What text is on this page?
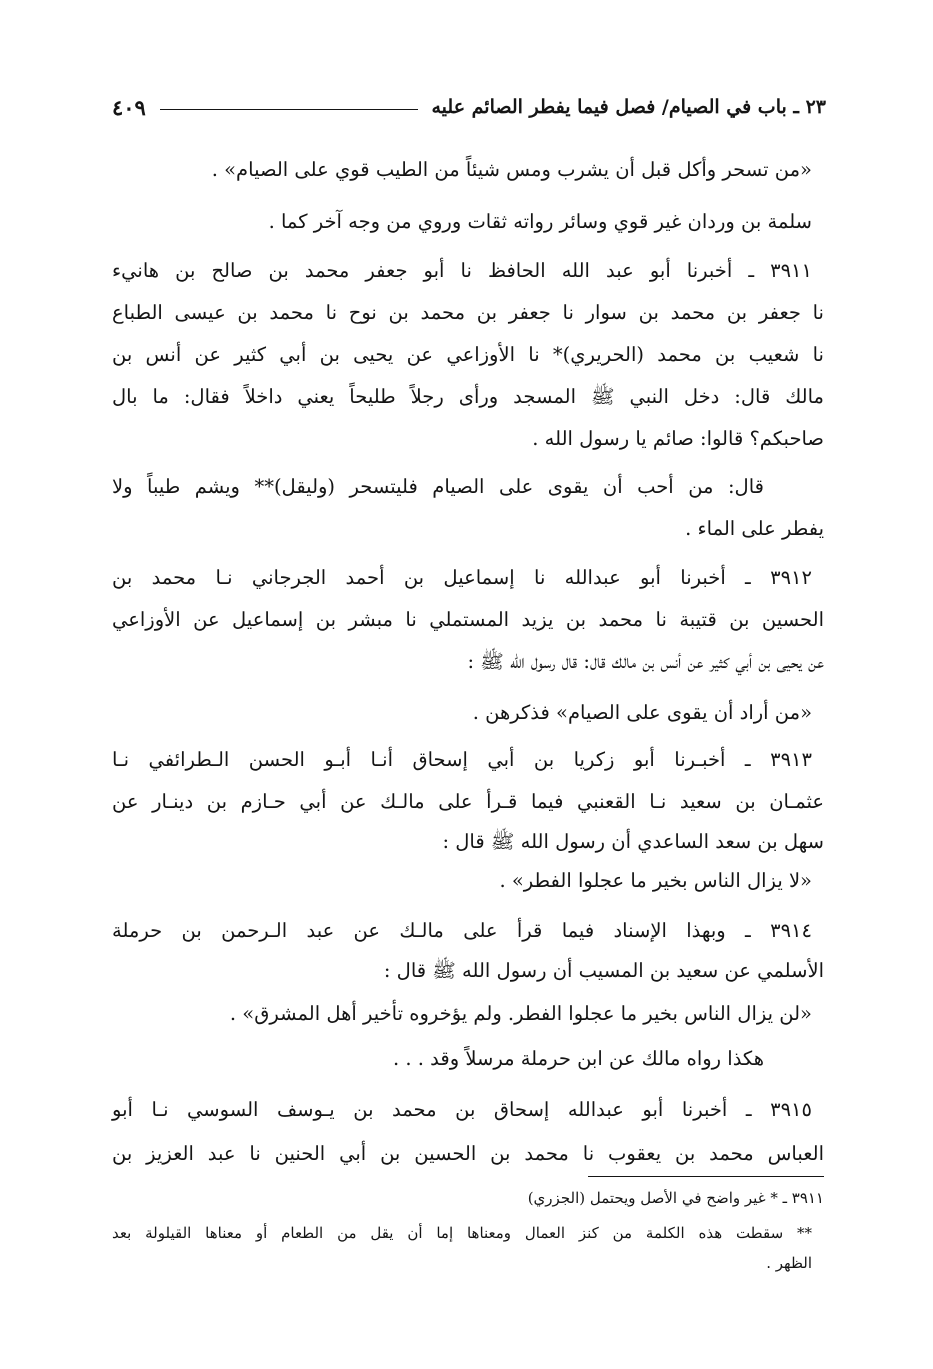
٢٣ ـ باب في الصيام/ فصل فيما يفطر الصائم عليه
٤٠٩
«من تسحر وأكل قبل أن يشرب ومس شيئاً من الطيب قوي على الصيام» .
سلمة بن وردان غير قوي وسائر رواته ثقات وروي من وجه آخر كما .
٣٩١١ ـ أخبرنا أبو عبد الله الحافظ نا أبو جعفر محمد بن صالح بن هانيء
نا جعفر بن محمد بن سوار نا جعفر بن محمد بن نوح نا محمد بن عيسى الطباع
نا شعيب بن محمد (الحريري)* نا الأوزاعي عن يحيى بن أبي كثير عن أنس بن
مالك قال: دخل النبي ﷺ المسجد ورأى رجلاً طليحاً يعني داخلاً فقال: ما بال
صاحبكم؟ قالوا: صائم يا رسول الله .
قال: من أحب أن يقوى على الصيام فليتسحر (وليقل)** ويشم طيباً ولا
يفطر على الماء .
٣٩١٢ ـ أخبرنا أبو عبدالله نا إسماعيل بن أحمد الجرجاني نـا محمد بن
الحسين بن قتيبة نا محمد بن يزيد المستملي نا مبشر بن إسماعيل عن الأوزاعي
عن يحيى بن أبي كثير عن أنس بن مالك قال: قال رسول الله ﷺ :
«من أراد أن يقوى على الصيام» فذكرهن .
٣٩١٣ ـ أخبـرنا أبو زكريا بن أبي إسحاق أنـا أبـو الحسن الـطرائفي نـا
عثمـان بن سعيد نـا القعنبي فيما قـرأ على مالـك عن أبي حـازم بن دينـار عن
سهل بن سعد الساعدي أن رسول الله ﷺ قال :
«لا يزال الناس بخير ما عجلوا الفطر» .
٣٩١٤ ـ وبهذا الإسناد فيما قرأ على مالـك عن عبد الـرحمن بن حرملة
الأسلمي عن سعيد بن المسيب أن رسول الله ﷺ قال :
«لن يزال الناس بخير ما عجلوا الفطر. ولم يؤخروه تأخير أهل المشرق» .
هكذا رواه مالك عن ابن حرملة مرسلاً وقد . . .
٣٩١٥ ـ أخبرنا أبو عبدالله إسحاق بن محمد بن يـوسف السوسي نـا أبو
العباس محمد بن يعقوب نا محمد بن الحسين بن أبي الحنين نا عبد العزيز بن
٣٩١١ ـ * غير واضح في الأصل ويحتمل (الجزري)
** سقطت هذه الكلمة من كنز العمال ومعناها إما أن يقل من الطعام أو معناها القيلولة بعد
الظهر .
